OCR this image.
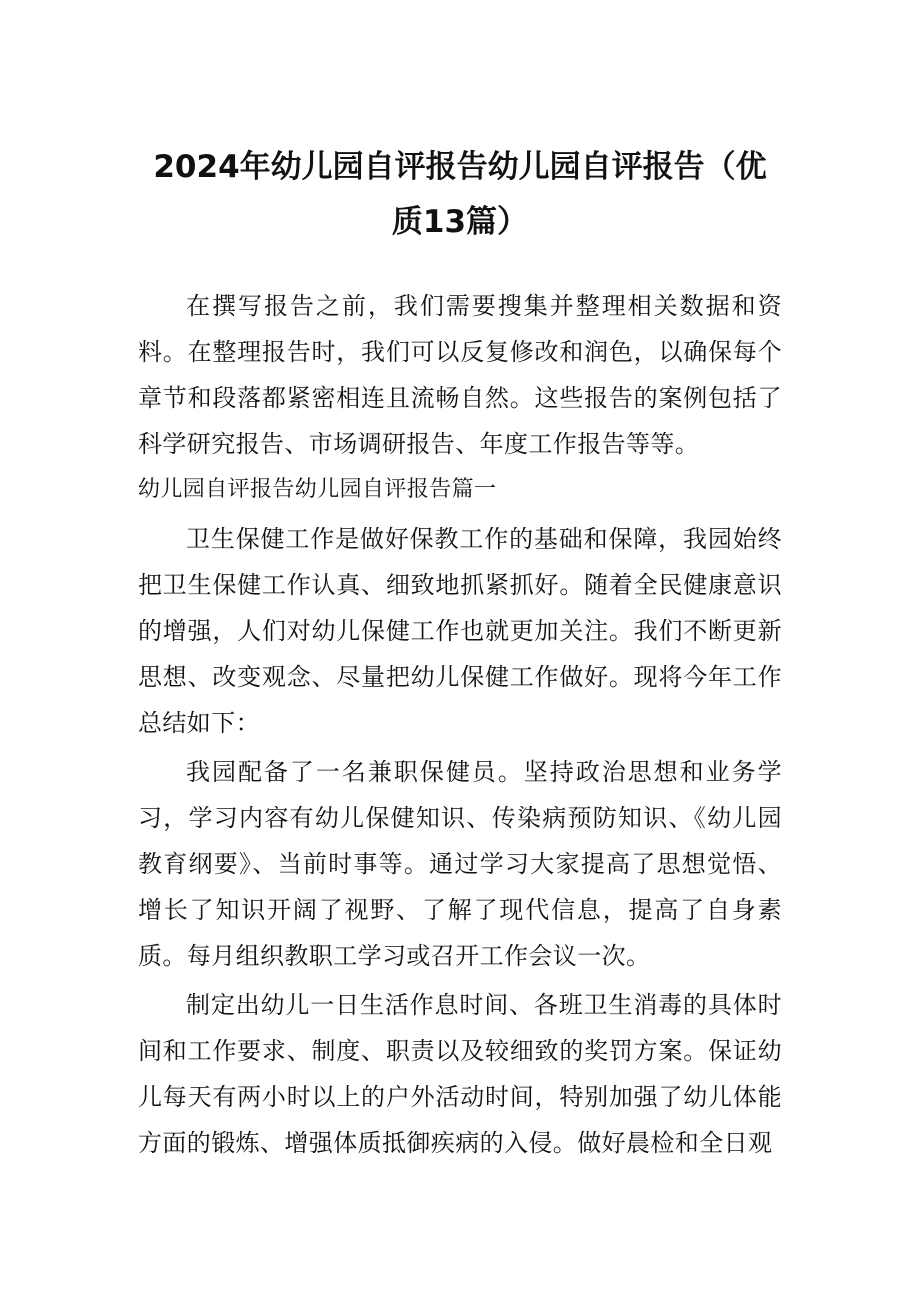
2024年幼儿园自评报告幼儿园自评报告（优
质13篇）

在撰写报告之前，我们需要搜集并整理相关数据和资料。在整理报告时，我们可以反复修改和润色，以确保每个章节和段落都紧密相连且流畅自然。这些报告的案例包括了科学研究报告、市场调研报告、年度工作报告等等。

幼儿园自评报告幼儿园自评报告篇一

卫生保健工作是做好保教工作的基础和保障，我园始终把卫生保健工作认真、细致地抓紧抓好。随着全民健康意识的增强，人们对幼儿保健工作也就更加关注。我们不断更新思想、改变观念、尽量把幼儿保健工作做好。现将今年工作总结如下：

我园配备了一名兼职保健员。坚持政治思想和业务学习，学习内容有幼儿保健知识、传染病预防知识、《幼儿园教育纲要》、当前时事等。通过学习大家提高了思想觉悟、增长了知识开阔了视野、了解了现代信息，提高了自身素质。每月组织教职工学习或召开工作会议一次。

制定出幼儿一日生活作息时间、各班卫生消毒的具体时间和工作要求、制度、职责以及较细致的奖罚方案。保证幼儿每天有两小时以上的户外活动时间，特别加强了幼儿体能方面的锻炼、增强体质抵御疾病的入侵。做好晨检和全日观
